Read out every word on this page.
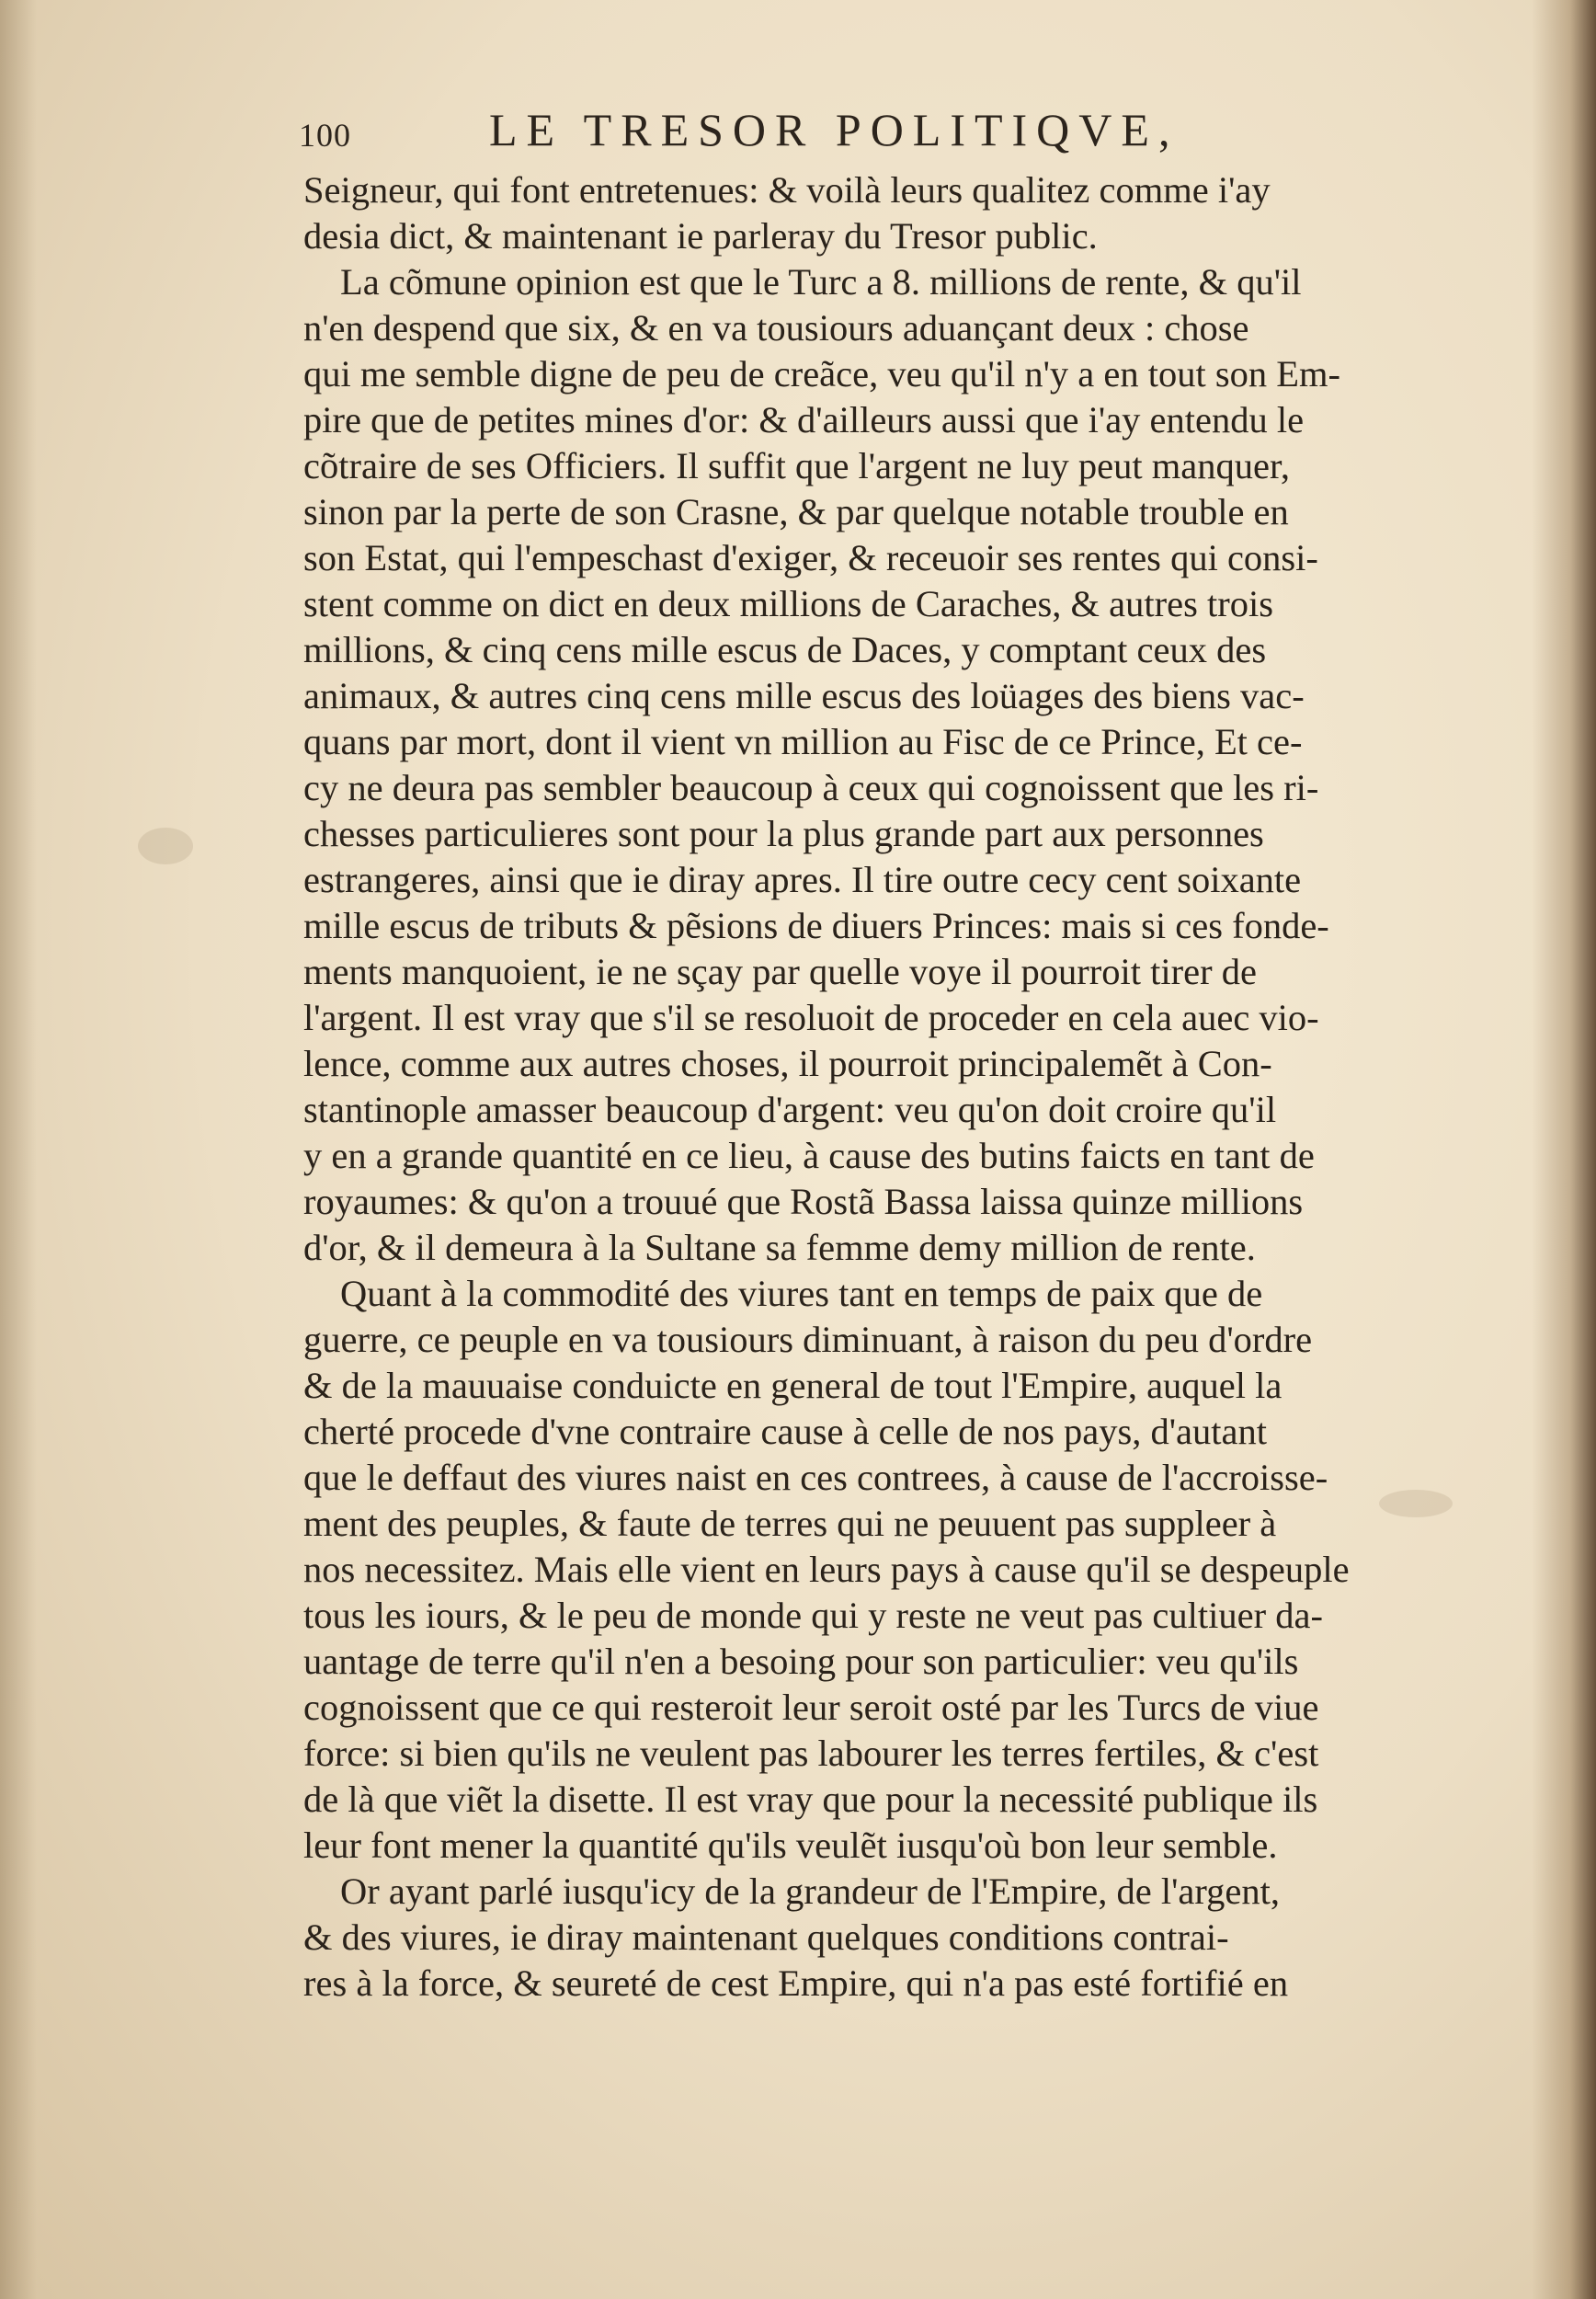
100	LE TRESOR POLITIQVE,
Seigneur, qui font entretenues: & voilà leurs qualitez comme i'ay
desia dict, & maintenant ie parleray du Tresor public.
La cõmune opinion est que le Turc a 8. millions de rente, & qu'il
n'en despend que six, & en va tousiours aduançant deux : chose
qui me semble digne de peu de creãce, veu qu'il n'y a en tout son Em-
pire que de petites mines d'or: & d'ailleurs aussi que i'ay entendu le
cõtraire de ses Officiers. Il suffit que l'argent ne luy peut manquer,
sinon par la perte de son Crasne, & par quelque notable trouble en
son Estat, qui l'empeschast d'exiger, & receuoir ses rentes qui consi-
stent comme on dict en deux millions de Caraches, & autres trois
millions, & cinq cens mille escus de Daces, y comptant ceux des
animaux, & autres cinq cens mille escus des loüages des biens vac-
quans par mort, dont il vient vn million au Fisc de ce Prince, Et ce-
cy ne deura pas sembler beaucoup à ceux qui cognoissent que les ri-
chesses particulieres sont pour la plus grande part aux personnes
estrangeres, ainsi que ie diray apres. Il tire outre cecy cent soixante
mille escus de tributs & pẽsions de diuers Princes: mais si ces fonde-
ments manquoient, ie ne sçay par quelle voye il pourroit tirer de
l'argent. Il est vray que s'il se resoluoit de proceder en cela auec vio-
lence, comme aux autres choses, il pourroit principalemẽt à Con-
stantinople amasser beaucoup d'argent: veu qu'on doit croire qu'il
y en a grande quantité en ce lieu, à cause des butins faicts en tant de
royaumes: & qu'on a trouué que Rostã Bassa laissa quinze millions
d'or, & il demeura à la Sultane sa femme demy million de rente.
Quant à la commodité des viures tant en temps de paix que de
guerre, ce peuple en va tousiours diminuant, à raison du peu d'ordre
& de la mauuaise conduicte en general de tout l'Empire, auquel la
cherté procede d'vne contraire cause à celle de nos pays, d'autant
que le deffaut des viures naist en ces contrees, à cause de l'accroisse-
ment des peuples, & faute de terres qui ne peuuent pas suppleer à
nos necessitez. Mais elle vient en leurs pays à cause qu'il se despeuple
tous les iours, & le peu de monde qui y reste ne veut pas cultiuer da-
uantage de terre qu'il n'en a besoing pour son particulier: veu qu'ils
cognoissent que ce qui resteroit leur seroit osté par les Turcs de viue
force: si bien qu'ils ne veulent pas labourer les terres fertiles, & c'est
de là que viẽt la disette. Il est vray que pour la necessité publique ils
leur font mener la quantité qu'ils veulẽt iusqu'où bon leur semble.
Or ayant parlé iusqu'icy de la grandeur de l'Empire, de l'argent,
& des viures, ie diray maintenant quelques conditions contrai-
res à la force, & seureté de cest Empire, qui n'a pas esté fortifié en
